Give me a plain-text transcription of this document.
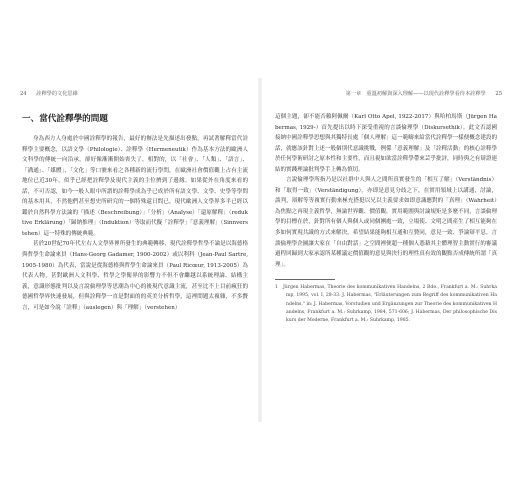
24 詮釋學的文化思維	第一章　重溫初解與深入理解——以現代詮釋學看待本詮釋學 25
一、當代詮釋學的問題

身為西方人身處於中國詮釋學的報告，最好的辦法是先描述出發點，再試著解釋當代詮釋學主要概念，以語文學（Philologie）、詮釋學（Hermeneutik）作為基本方法的歐洲人文科學的傳統一向沿承，卻好像漸漸開始喪失了，相對的，以「社會」、「人類」、「語言」、「溝通」、「媒體」、「文化」等口號來看之各種新的流行學問，在歐洲社會價值觀上占有主流地位已近30年，似乎已經把詮釋學及現代主義的主位擠到了邊緣。如果從外在角度來看的話，不可否認，如今一般人眼中所謂的詮釋學成為乎已成於所有語文學、文學、史學等學問的基本用具，不然他們甚至想史所研究的一個特殊還日問已，現代歐洲人文學界多半已經以鑑於自然科學方法論的「描述（Beschreibung）」「分析」（Analyse）「還原解釋」（reduktive Erklärung）「歸納推理」（Induktion）等取而代擬「詮釋學」「意義理解」（Sinnverstehen）這一特殊的傳統典範。

甚於20世紀70年代左右人文學界裡所發生的典範轉移，現代詮釋學哲學不論是以海德格與哲學生命論來員（Hans-Georg Gadamer, 1900-2002）或以利科（Jean-Paul Sartre, 1905-1980）為代表，當說是從海德格與哲學生命論來員（Paul Ricœur, 1913-2005）為代表人物，甚對歐洲人文科學、哲學之學衛界的影響力不但不會繼越以系統理論、結構主義，意識形態批判以及言說倫理學等思潮為中心的後現代意識主流，甚至比不上目前瘋狂的德國哲學界快速發展，但與詮釋學一直是對面的的英美分析哲學，這裡問題太複雜，不多贅言，可是如今說「詮釋」（auslegen）與「理解」（verstehen）

這個主題，卻不能否賴阿佩爾（Karl Otto Apel, 1922-2017）與哈柏馬斯（Jürgen Habermas, 1929-）首先提出以時下深受重視的言談倫理學（Diskursethik）。此文否認國接納中國詮釋學思想與其獨特長處「個人理解」這一範疇來給當代詮釋學一樣便概念建設的話，就應該針對上述一般個別代意識挑戰，例係「意義理解」及「詮釋活動」的核心詮釋學於任何學術研討之原本性和主要性，而且視如欲當詮釋學帶來芸乎批評，同時與之有辯證連結的實踐理論批判學手上轉為慎切。

言說倫理學所指乃是以社群中人與人之間所真實發生的「相互了解」（Verständnis）和「取得一致」（Verständigung）。亦即是意見分歧之下，在實用領域上以講通，討論，談判，辯解等等複實行動來極充搭挺以兄以主義要求如即意識應對的「真理」（Wahrheit）為焦點之再現主義哲學，無論世界觀、價值觀，實用範圍與討論規矩是多麼不同，言談倫理學的目標在於，針對所有個人與個人或同個團處一致，立場使、文明之間產生了相互能夠在多如何實現共識的方式來解決，希望結果能夠相互通和互贊同，意見一致、爭論辯平息。言談倫理學企圖讓大家在「自由對話」之空間裡便超一種個人憑藉其主體理智主動實行的審議過程回歸到大家承認所某種議定價值觀的意見與決行的理性真有效的觀點否成傳統所謂「真理」。

1　Jürgen Habermas, Theorie des kommunikativen Handelns, 2 Bde., Frankfurt a. M.: Suhrkamp, 1995, vol. I, 28-33. J. Habermas, "Erläuterungen zum Begriff des kommunikativen Handelns," in: J. Habermas, Vorstudien und Ergänzungen zur Theorie des kommunikativen Handelns, Frankfurt a. M.: Suhrkamp, 1984, 571-606; J. Habermas, Der philosophische Diskurs der Moderne, Frankfurt a. M.: Suhrkamp, 1985.
